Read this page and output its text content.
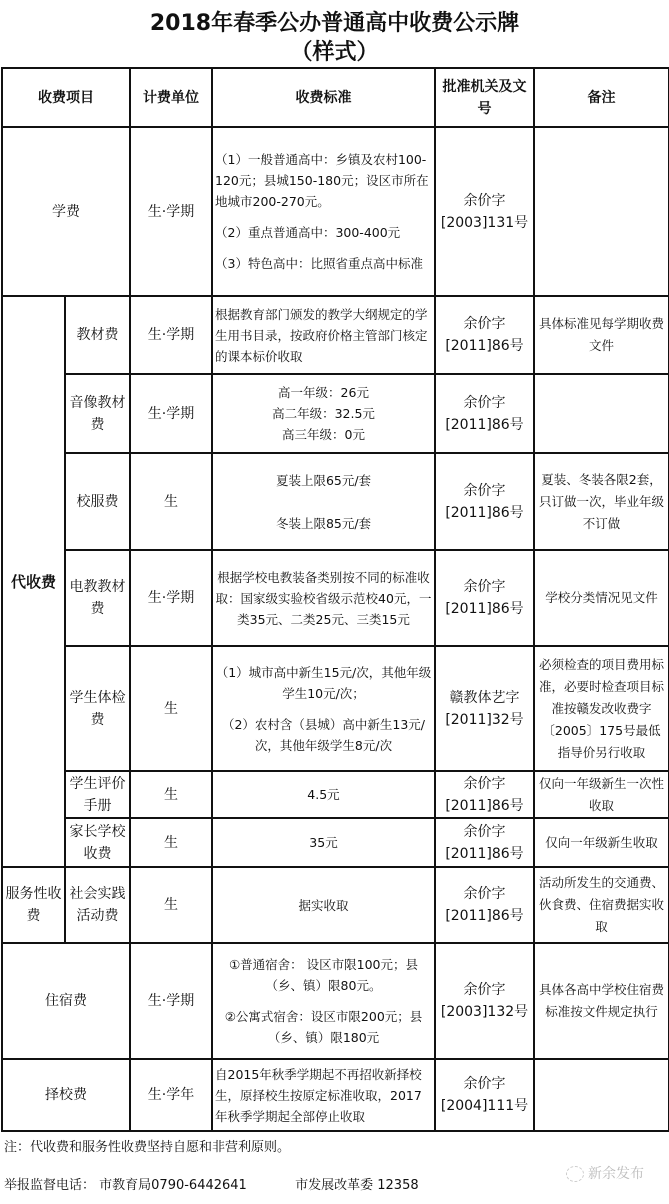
2018年春季公办普通高中收费公示牌
（样式）
收费项目		计费单位	收费标准	批准机关及文号	备注
学费		生·学期	（1）一般普通高中：乡镇及农村100-120元；县城150-180元；设区市所在地城市200-270元。
（2）重点普通高中：300-400元
（3）特色高中：比照省重点高中标准	余价字
[2003]131号	
代收费	教材费	生·学期	根据教育部门颁发的教学大纲规定的学生用书目录，按政府价格主管部门核定的课本标价收取	余价字
[2011]86号	具体标准见每学期收费文件
	音像教材费	生·学期	高一年级：26元
高二年级：32.5元
高三年级：0元	余价字
[2011]86号	
	校服费	生	夏装上限65元/套
冬装上限85元/套	余价字
[2011]86号	夏装、冬装各限2套，只订做一次，毕业年级不订做
	电教教材费	生·学期	根据学校电教装备类别按不同的标准收取：国家级实验校省级示范校40元，一类35元、二类25元、三类15元	余价字
[2011]86号	学校分类情况见文件
	学生体检费	生	（1）城市高中新生15元/次，其他年级学生10元/次；
（2）农村含（县城）高中新生13元/次，其他年级学生8元/次	赣教体艺字
[2011]32号	必须检查的项目费用标准，必要时检查项目标准按赣发改收费字〔2005〕175号最低指导价另行收取
	学生评价手册	生	4.5元	余价字
[2011]86号	仅向一年级新生一次性收取
	家长学校收费	生	35元	余价字
[2011]86号	仅向一年级新生收取
服务性收费	社会实践活动费	生	据实收取	余价字
[2011]86号	活动所发生的交通费、伙食费、住宿费据实收取
住宿费		生·学期	①普通宿舍： 设区市限100元；县（乡、镇）限80元。
②公寓式宿舍：设区市限200元；县（乡、镇）限180元	余价字
[2003]132号	具体各高中学校住宿费标准按文件规定执行
择校费		生·学年	自2015年秋季学期起不再招收新择校生，原择校生按原定标准收取，2017年秋季学期起全部停止收取	余价字
[2004]111号	
注：代收费和服务性收费坚持自愿和非营利原则。
举报监督电话： 市教育局0790-6442641	市发展改革委 12358
新余发布
